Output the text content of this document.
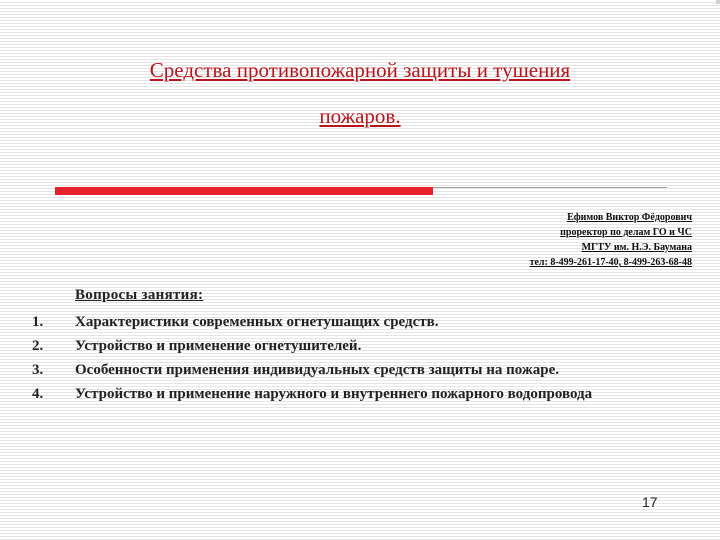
Средства противопожарной защиты и тушения
пожаров.
Ефимов Виктор Фёдорович
проректор по делам ГО и ЧС
МГТУ им. Н.Э. Баумана
тел: 8-499-261-17-40, 8-499-263-68-48
Вопросы занятия:
1.	Характеристики современных огнетушащих средств.
2.	Устройство и применение огнетушителей.
3.	Особенности применения индивидуальных средств защиты на пожаре.
4.	Устройство и применение наружного и внутреннего пожарного водопровода
17
